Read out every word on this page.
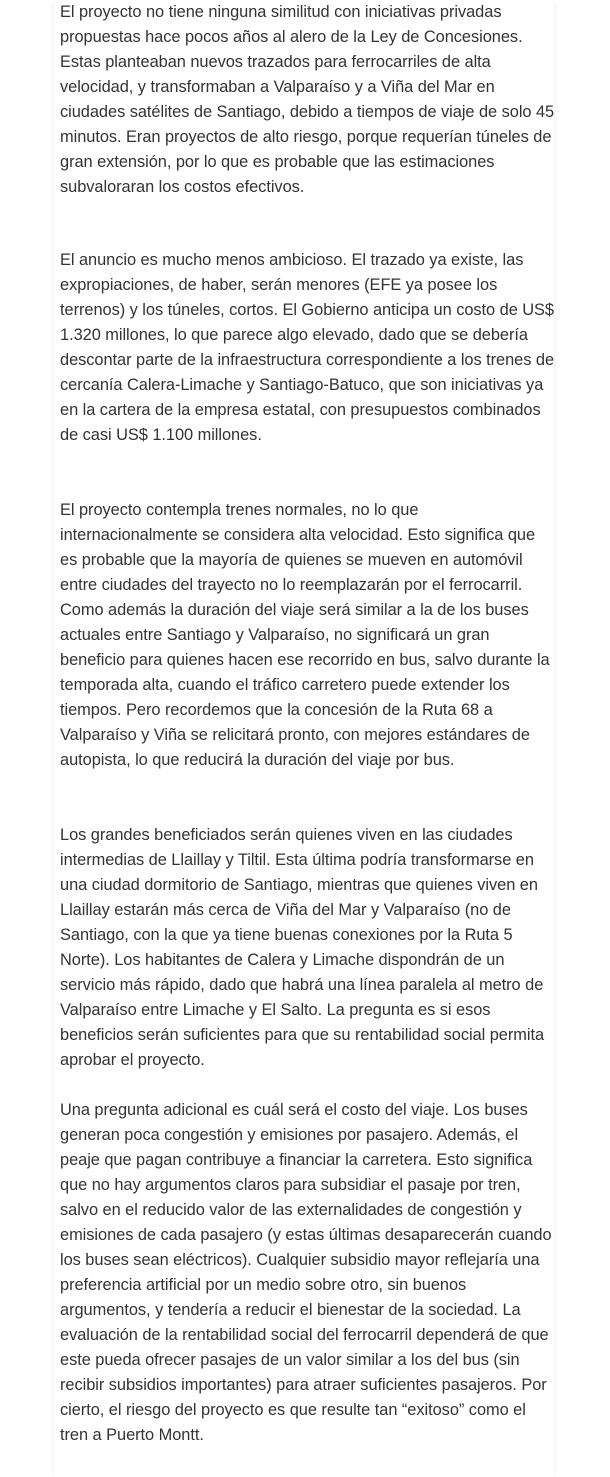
El proyecto no tiene ninguna similitud con iniciativas privadas propuestas hace pocos años al alero de la Ley de Concesiones. Estas planteaban nuevos trazados para ferrocarriles de alta velocidad, y transformaban a Valparaíso y a Viña del Mar en ciudades satélites de Santiago, debido a tiempos de viaje de solo 45 minutos. Eran proyectos de alto riesgo, porque requerían túneles de gran extensión, por lo que es probable que las estimaciones subvaloraran los costos efectivos.

El anuncio es mucho menos ambicioso. El trazado ya existe, las expropiaciones, de haber, serán menores (EFE ya posee los terrenos) y los túneles, cortos. El Gobierno anticipa un costo de US$ 1.320 millones, lo que parece algo elevado, dado que se debería descontar parte de la infraestructura correspondiente a los trenes de cercanía Calera-Limache y Santiago-Batuco, que son iniciativas ya en la cartera de la empresa estatal, con presupuestos combinados de casi US$ 1.100 millones.

El proyecto contempla trenes normales, no lo que internacionalmente se considera alta velocidad. Esto significa que es probable que la mayoría de quienes se mueven en automóvil entre ciudades del trayecto no lo reemplazarán por el ferrocarril. Como además la duración del viaje será similar a la de los buses actuales entre Santiago y Valparaíso, no significará un gran beneficio para quienes hacen ese recorrido en bus, salvo durante la temporada alta, cuando el tráfico carretero puede extender los tiempos. Pero recordemos que la concesión de la Ruta 68 a Valparaíso y Viña se relicitará pronto, con mejores estándares de autopista, lo que reducirá la duración del viaje por bus.

Los grandes beneficiados serán quienes viven en las ciudades intermedias de Llaillay y Tiltil. Esta última podría transformarse en una ciudad dormitorio de Santiago, mientras que quienes viven en Llaillay estarán más cerca de Viña del Mar y Valparaíso (no de Santiago, con la que ya tiene buenas conexiones por la Ruta 5 Norte). Los habitantes de Calera y Limache dispondrán de un servicio más rápido, dado que habrá una línea paralela al metro de Valparaíso entre Limache y El Salto. La pregunta es si esos beneficios serán suficientes para que su rentabilidad social permita aprobar el proyecto.

Una pregunta adicional es cuál será el costo del viaje. Los buses generan poca congestión y emisiones por pasajero. Además, el peaje que pagan contribuye a financiar la carretera. Esto significa que no hay argumentos claros para subsidiar el pasaje por tren, salvo en el reducido valor de las externalidades de congestión y emisiones de cada pasajero (y estas últimas desaparecerán cuando los buses sean eléctricos). Cualquier subsidio mayor reflejaría una preferencia artificial por un medio sobre otro, sin buenos argumentos, y tendería a reducir el bienestar de la sociedad. La evaluación de la rentabilidad social del ferrocarril dependerá de que este pueda ofrecer pasajes de un valor similar a los del bus (sin recibir subsidios importantes) para atraer suficientes pasajeros. Por cierto, el riesgo del proyecto es que resulte tan “exitoso” como el tren a Puerto Montt.
